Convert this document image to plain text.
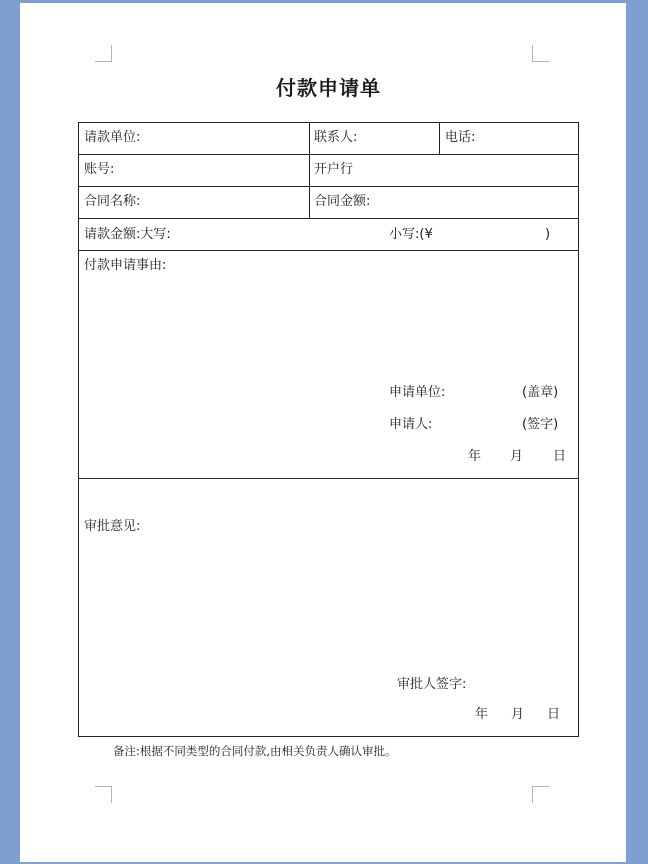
付款申请单
请款单位:	联系人:	电话:
账号:	开户行
合同名称:	合同金额:
请款金额:大写:	小写:(¥	)
付款申请事由:
申请单位:	(盖章)
申请人:	(签字)
年 月 日
审批意见:
审批人签字:
年 月 日
备注:根据不同类型的合同付款,由相关负责人确认审批。
